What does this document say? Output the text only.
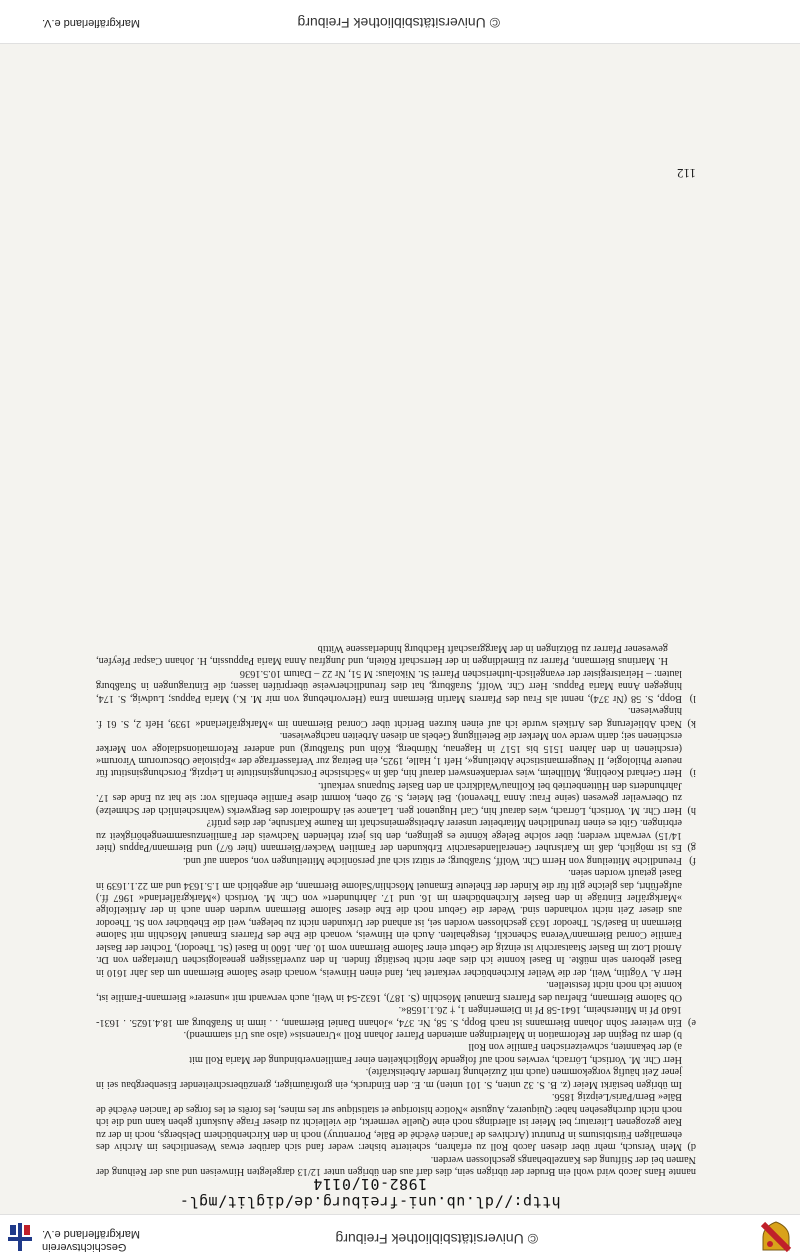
© Universitätsbibliothek Freiburg
Geschichtsverein
Markgräflerland e.V.
http://dl.ub.uni-freiburg.de/diglit/mgl-1982-01/0114

nannte Hans Jacob wird wohl ein Bruder der übrigen sein, dies darf aus den übrigen unter 12/13 dargelegten Hinweisen und aus der Reihung der Namen bei der Stiftung des Kanzelbehangs geschlossen werden.

d)
Mein Versuch, mehr über diesen Jacob Roll zu erfahren, scheiterte bisher: weder fand sich darüber etwas Wesentliches im Archiv des ehemaligen Fürstbistums in Pruntrut (Archives de l'ancien évêché de Bâle, Porrentruy) noch in den Kirchenbüchern Delsbergs, noch in der zu Rate gezogenen Literatur; bei Meier ist allerdings noch eine Quelle vermerkt, die vielleicht zu dieser Frage Auskunft geben kann und die ich noch nicht durchgesehen habe: Quiquerez, Auguste »Notice historique et statistique sur les mines, les forêts et les forges de l'ancien évêché de Bâle« Bern/Paris/Leipzig 1856.

Im übrigen bestärkt Meier (z. B. S. 32 unten, S. 101 unten) m. E. den Eindruck, ein großräumiger, grenzüberschreitender Eisenbergbau sei in jener Zeit häufig vorgekommen (auch mit Zuziehung fremder Arbeitskräfte).

Herr Chr. M. Vortisch, Lörrach, verwies noch auf folgende Möglichkeiten einer Familienverbindung der Maria Roll mit

a) der bekannten, schweizerischen Familie von Roll

b) dem zu Beginn der Reformation in Malterdingen amtenden Pfarrer Johann Roll »Uranensis« (also aus Uri stammend).

e)
Ein weiterer Sohn Johann Biermanns ist nach Bopp, S. 58, Nr. 374, »Johann Daniel Biermann, . . imm in Straßburg am 18.4.1625. . 1631-1640 Pf in Mittersheim, 1641-58 Pf in Diemeringen 1, † 26.1.1658«.

Ob Salome Biermann, Ehefrau des Pfarrers Emanuel Möschlin (S. 187), 1632-54 in Weil, auch verwandt mit »unserer« Biermann-Familie ist, konnte ich noch nicht feststellen.

Herr A. Vögtlin, Weil, der die Weiler Kirchenbücher verkartet hat, fand einen Hinweis, wonach diese Salome Biermann um das Jahr 1610 in Basel geboren sein müßte. In Basel konnte ich dies aber nicht bestätigt finden. In den zuverlässigen genealogischen Unterlagen von Dr. Arnold Lotz im Basler Staatsarchiv ist einzig die Geburt einer Salome Biermann vom 10. Jan. 1600 in Basel (St. Theodor), Tochter der Basler Familie Conrad Biermann/Verena Schenckli, festgehalten. Auch ein Hinweis, wonach die Ehe des Pfarrers Emanuel Möschlin mit Salome Biermann in Basel/St. Theodor 1633 geschlossen worden sei, ist anhand der Urkunden nicht zu belegen, weil die Ehebücher von St. Theodor aus dieser Zeit nicht vorhanden sind. Weder die Geburt noch die Ehe dieser Salome Biermann wurden denn auch in der Artikelfolge »Markgräfler Einträge in den Basler Kirchenbüchern im 16. und 17. Jahrhundert« von Chr. M. Vortisch (»Markgräflerland« 1967 ff.) aufgeführt, das gleiche gilt für die Kinder der Eheleute Emanuel Möschlin/Salome Biermann, die angeblich am 1.5.1634 und am 22.1.1639 in Basel getauft worden seien.

f)
Freundliche Mitteilung von Herrn Chr. Wolff, Straßburg; er stützt sich auf persönliche Mitteilungen von, sodann auf und.

g)
Es ist möglich, daß im Karlsruher Generallandesarchiv Erbkunden der Familien Wacker/Biermann (hier 6/7) und Biermann/Pappus (hier 14/15) verwahrt werden; über solche Belege könnte es gelingen, den bis jetzt fehlenden Nachweis der Familienzusammengehörigkeit zu erbringen. Gibt es einen freundlichen Mitarbeiter unserer Arbeitsgemeinschaft im Raume Karlsruhe, der dies prüft?

h)
Herr Chr. M. Vortisch, Lörrach, wies darauf hin, Carl Huguenot gen. LaLance sei Admodiator des Bergwerks (wahrscheinlich der Schmelze) zu Oberweiler gewesen (seine Frau: Anna Thevenot). Bei Meier, S. 92 oben, kommt diese Familie ebenfalls vor: sie hat zu Ende des 17. Jahrhunderts den Hüttenbetrieb bei Kollnau/Waldkirch an den Basler Stupanus verkauft.

i)
Herr Gerhard Koebling, Müllheim, wies verdankenswert darauf hin, daß in »Sächsische Forschungsinstitute in Leipzig, Forschungsinstitut für neuere Philologie, II Neugermanistische Abteilung«, Heft 1, Halle, 1925, ein Beitrag zur Verfasserfrage der »Epistolae Obscurorum Virorum« (erschienen in den Jahren 1515 bis 1517 in Hagenau, Nürnberg, Köln und Straßburg) und anderer Reformationsdialoge von Merker erschienen sei; darin werde von Merker die Beteiligung Gebels an diesen Arbeiten nachgewiesen.

k)
Nach Ablieferung des Artikels wurde ich auf einen kurzen Bericht über Conrad Biermann im »Markgräflerland« 1939, Heft 2, S. 61 f. hingewiesen.

l)
Bopp, S. 58 (Nr 374), nennt als Frau des Pfarrers Martin Biermann Erna (Hervorhebung von mir M. K.) Maria Pappus; Ludwig, S. 174, hingegen Anna Maria Pappus. Herr Chr. Wolff, Straßburg, hat dies freundlicherweise überprüfen lassen; die Eintragungen in Straßburg lauten: – Heiratsregister der evangelisch-lutherischen Pfarrei St. Nikolaus: M 51, Nr 22 – Datum 10.5.1636

H. Martinus Biermann, Pfarrer zu Eimeldingen in der Herrschaft Röteln, und Jungfrau Anna Maria Pappussin, H. Johann Caspar Pfeyfen, gewesener Pfarrer zu Bötzingen in der Marggraschaft Hachburg hinderlassene Wittib

112
© Universitätsbibliothek Freiburg
Markgräflerland e.V.
